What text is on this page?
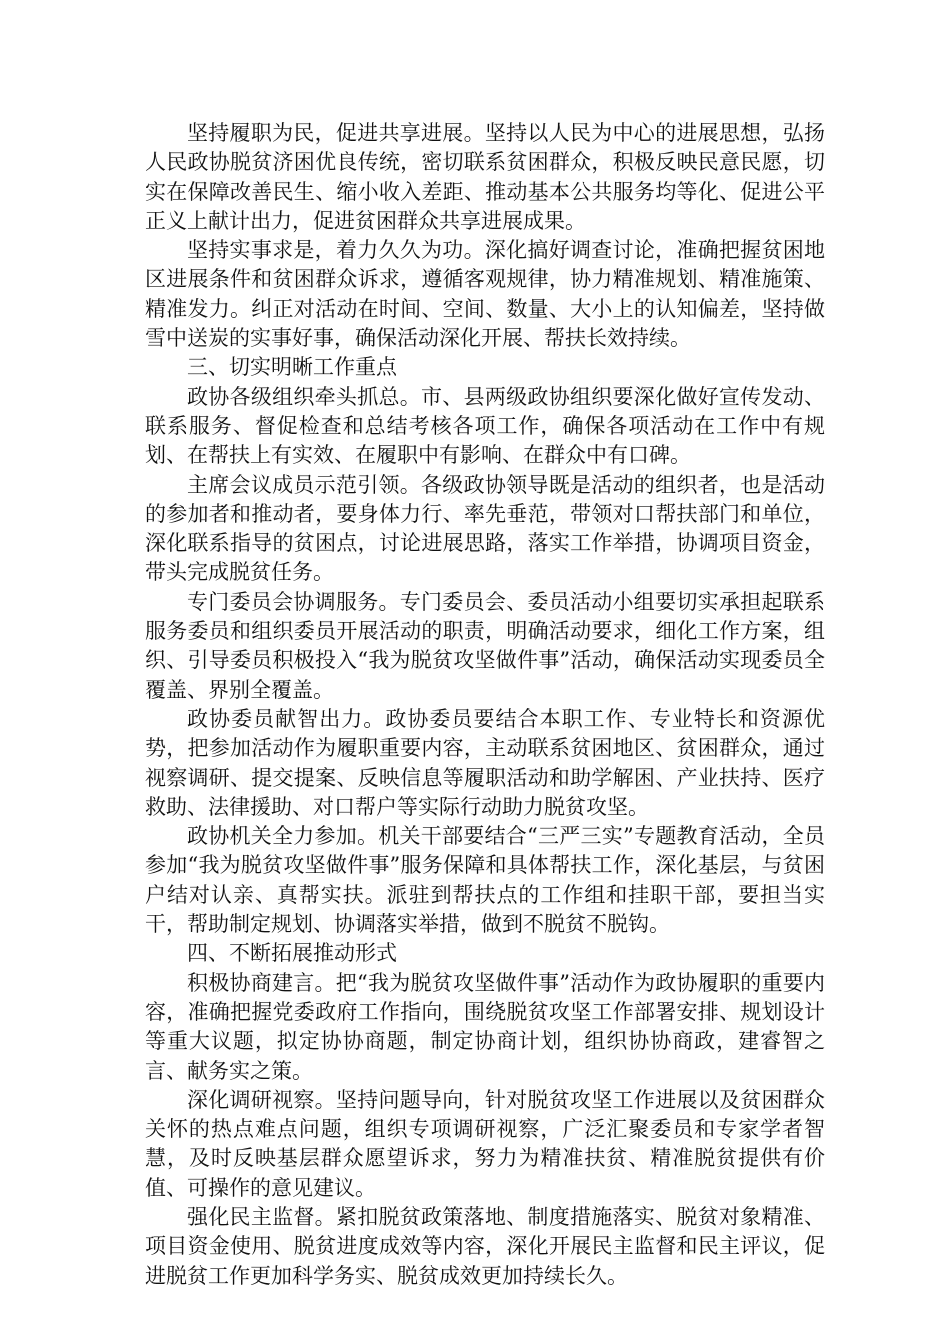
坚持履职为民，促进共享进展。坚持以人民为中心的进展思想，弘扬人民政协脱贫济困优良传统，密切联系贫困群众，积极反映民意民愿，切实在保障改善民生、缩小收入差距、推动基本公共服务均等化、促进公平正义上献计出力，促进贫困群众共享进展成果。

坚持实事求是，着力久久为功。深化搞好调查讨论，准确把握贫困地区进展条件和贫困群众诉求，遵循客观规律，协力精准规划、精准施策、精准发力。纠正对活动在时间、空间、数量、大小上的认知偏差，坚持做雪中送炭的实事好事，确保活动深化开展、帮扶长效持续。

三、切实明晰工作重点

政协各级组织牵头抓总。市、县两级政协组织要深化做好宣传发动、联系服务、督促检查和总结考核各项工作，确保各项活动在工作中有规划、在帮扶上有实效、在履职中有影响、在群众中有口碑。

主席会议成员示范引领。各级政协领导既是活动的组织者，也是活动的参加者和推动者，要身体力行、率先垂范，带领对口帮扶部门和单位，深化联系指导的贫困点，讨论进展思路，落实工作举措，协调项目资金，带头完成脱贫任务。

专门委员会协调服务。专门委员会、委员活动小组要切实承担起联系服务委员和组织委员开展活动的职责，明确活动要求，细化工作方案，组织、引导委员积极投入“我为脱贫攻坚做件事”活动，确保活动实现委员全覆盖、界别全覆盖。

政协委员献智出力。政协委员要结合本职工作、专业特长和资源优势，把参加活动作为履职重要内容，主动联系贫困地区、贫困群众，通过视察调研、提交提案、反映信息等履职活动和助学解困、产业扶持、医疗救助、法律援助、对口帮户等实际行动助力脱贫攻坚。

政协机关全力参加。机关干部要结合“三严三实”专题教育活动，全员参加“我为脱贫攻坚做件事”服务保障和具体帮扶工作，深化基层，与贫困户结对认亲、真帮实扶。派驻到帮扶点的工作组和挂职干部，要担当实干，帮助制定规划、协调落实举措，做到不脱贫不脱钩。

四、不断拓展推动形式

积极协商建言。把“我为脱贫攻坚做件事”活动作为政协履职的重要内容，准确把握党委政府工作指向，围绕脱贫攻坚工作部署安排、规划设计等重大议题，拟定协协商题，制定协商计划，组织协协商政，建睿智之言、献务实之策。

深化调研视察。坚持问题导向，针对脱贫攻坚工作进展以及贫困群众关怀的热点难点问题，组织专项调研视察，广泛汇聚委员和专家学者智慧，及时反映基层群众愿望诉求，努力为精准扶贫、精准脱贫提供有价值、可操作的意见建议。

强化民主监督。紧扣脱贫政策落地、制度措施落实、脱贫对象精准、项目资金使用、脱贫进度成效等内容，深化开展民主监督和民主评议，促进脱贫工作更加科学务实、脱贫成效更加持续长久。
